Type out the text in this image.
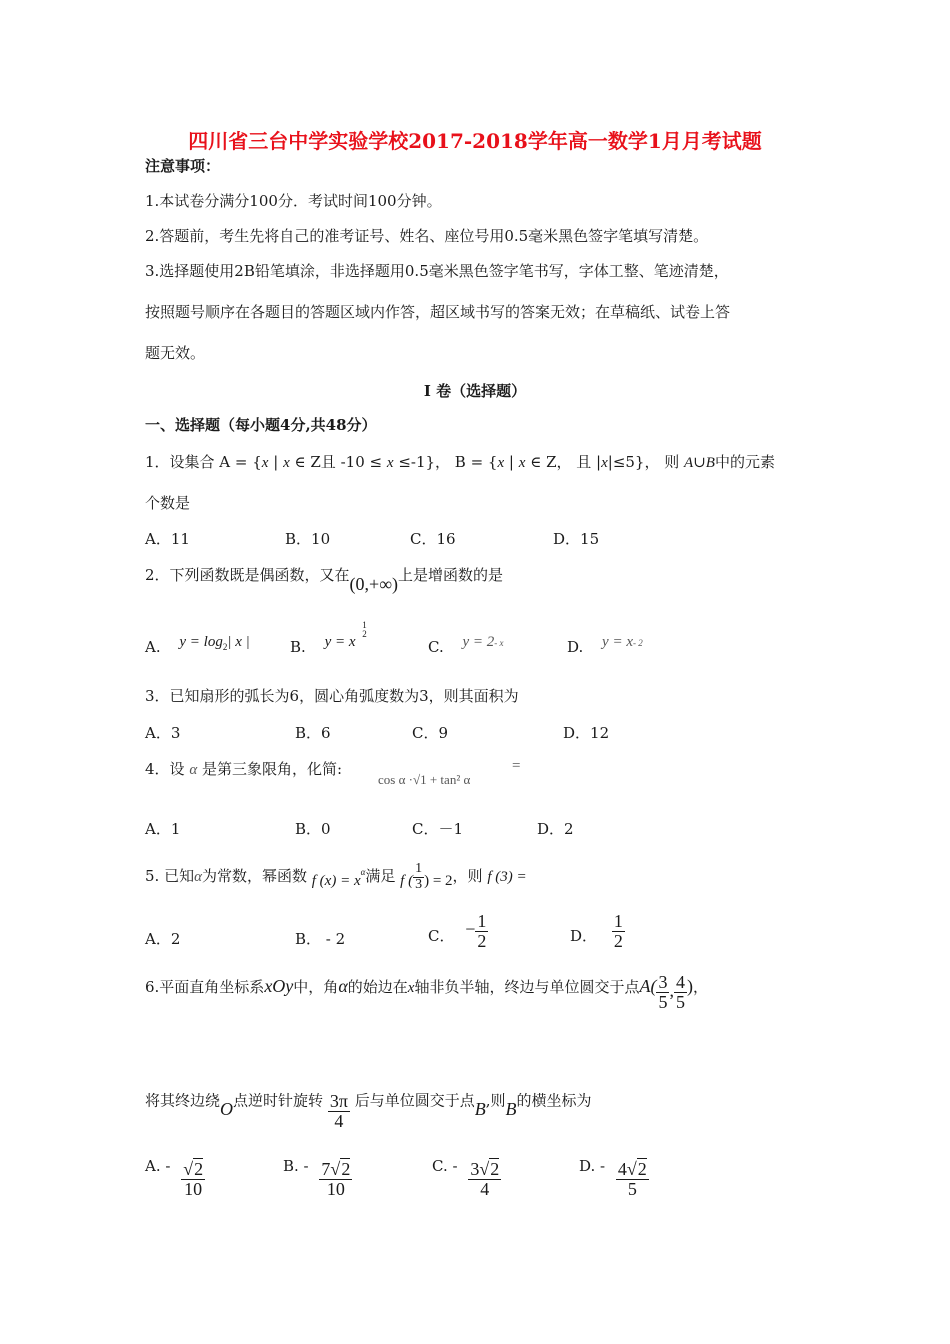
四川省三台中学实验学校2017-2018学年高一数学1月月考试题
注意事项：
1.本试卷分满分100分．考试时间100分钟。
2.答题前，考生先将自己的准考证号、姓名、座位号用0.5毫米黑色签字笔填写清楚。
3.选择题使用2B铅笔填涂，非选择题用0.5毫米黑色签字笔书写，字体工整、笔迹清楚，
按照题号顺序在各题目的答题区域内作答，超区域书写的答案无效；在草稿纸、试卷上答
题无效。
Ⅰ 卷（选择题）
一、选择题（每小题4分,共48分）
1．设集合 A = {x | x ∈ Z且 -10 ≤ x ≤-1}， B = {x | x ∈ Z， 且 |x|≤5}， 则 A∪B中的元素
个数是
A．11	B．10	C．16	D．15
2．下列函数既是偶函数，又在(0,+∞)上是增函数的是
A. $y = \log_2|$ x |	B. y = x
1
2
C. $y = 2^{- x}$	D. $y = x^{- 2}$
3．已知扇形的弧长为6，圆心角弧度数为3，则其面积为
A．3	B．6	C．9	D．12
4．设 α 是第三象限角，化简:
cos α ·√1 + tan² α
=
A．1	B．0	C．－1	D．2
5. 已知α为常数，幂函数 f $(x) = x^\alpha$满足 f ( $\frac{1}{3}$ ) = 2，则 f (3) =
A．2	B． - 2	C． − $\frac{1}{2}$	D． $\frac{1}{2}$
6.平面直角坐标系xOy中，角α的始边在x轴非负半轴，终边与单位圆交于点$A( \frac{3}{5}$ , $\frac{4}{5}$ )，
将其终边绕O点逆时针旋转 $\frac{3\pi}{4}$ 后与单位圆交于点B,则B的横坐标为
A. - $\frac{√2}{10}$	B. - $\frac{7√2}{10}$	C. - $\frac{3√2}{4}$	D. - $\frac{4√2}{5}$
